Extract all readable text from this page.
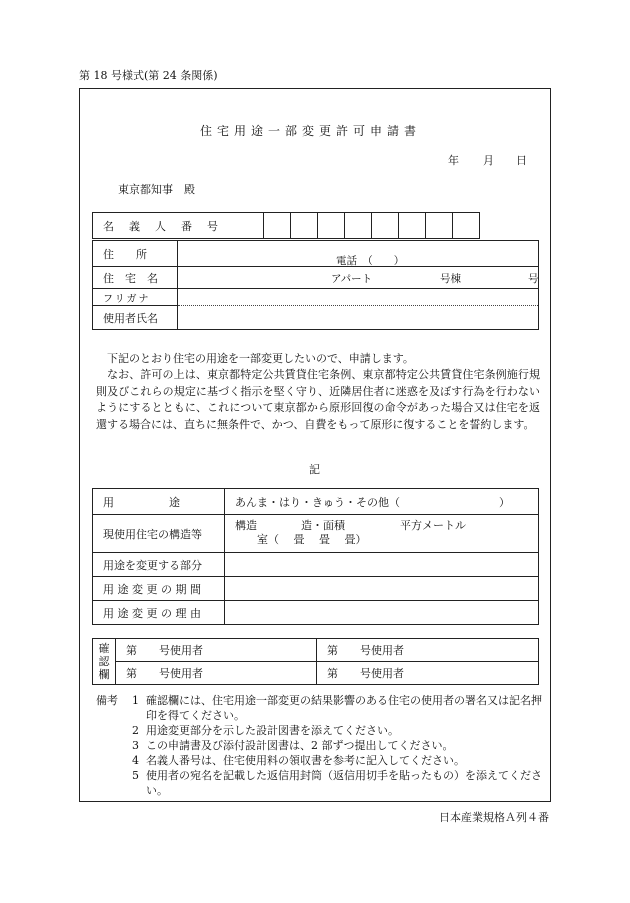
第 18 号様式(第 24 条関係)
住宅用途一部変更許可申請書
年 月 日
東京都知事　殿
名　義　人　番　号								
住　　所	電話　（　　）

住　宅　名	アパート 号棟 号

フリガナ	
使用者氏名	
下記のとおり住宅の用途を一部変更したいので、申請します。
なお、許可の上は、東京都特定公共賃貸住宅条例、東京都特定公共賃貸住宅条例施行規則及びこれらの規定に基づく指示を堅く守り、近隣居住者に迷惑を及ぼす行為を行わないようにするとともに、これについて東京都から原形回復の命令があった場合又は住宅を返還する場合には、直ちに無条件で、かつ、自費をもって原形に復することを誓約します。
記
用　　　　　途	あんま・はり・きゅう・その他（　　　　　　　　　）
現使用住宅の構造等	構造　　　　造・面積　　　　　平方メートル
室（　 畳　 畳　 畳）

用途を変更する部分	
用 途 変 更 の 期 間	
用 途 変 更 の 理 由	
確認欄	第　　号使用者	第　　号使用者
	第　　号使用者	第　　号使用者
備考 1 確認欄には、住宅用途一部変更の結果影響のある住宅の使用者の署名又は記名押印を得てください。
2 用途変更部分を示した設計図書を添えてください。
3 この申請書及び添付設計図書は、2 部ずつ提出してください。
4 名義人番号は、住宅使用料の領収書を参考に記入してください。
5 使用者の宛名を記載した返信用封筒（返信用切手を貼ったもの）を添えてください。
日本産業規格Ａ列４番
